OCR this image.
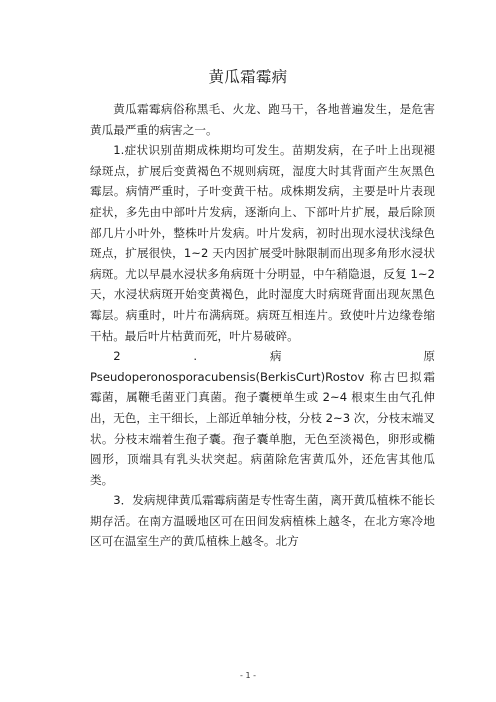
黄瓜霜霉病

黄瓜霜霉病俗称黑毛、火龙、跑马干，各地普遍发生，是危害黄瓜最严重的病害之一。

1.症状识别苗期成株期均可发生。苗期发病，在子叶上出现褪绿斑点，扩展后变黄褐色不规则病斑，湿度大时其背面产生灰黑色霉层。病情严重时，子叶变黄干枯。成株期发病，主要是叶片表现症状，多先由中部叶片发病，逐渐向上、下部叶片扩展，最后除顶部几片小叶外，整株叶片发病。叶片发病，初时出现水浸状浅绿色斑点，扩展很快，1~2 天内因扩展受叶脉限制而出现多角形水浸状病斑。尤以早晨水浸状多角病斑十分明显，中午稍隐退，反复 1~2 天，水浸状病斑开始变黄褐色，此时湿度大时病斑背面出现灰黑色霉层。病重时，叶片布满病斑。病斑互相连片。致使叶片边缘卷缩干枯。最后叶片枯黄而死，叶片易破碎。

2 . 病 原

Pseudoperonosporacubensis(BerkisCurt)Rostov 称古巴拟霜霉菌，属鞭毛菌亚门真菌。孢子囊梗单生或 2~4 根束生由气孔伸出，无色，主干细长，上部近单轴分枝，分枝 2~3 次，分枝末端叉状。分枝末端着生孢子囊。孢子囊单胞，无色至淡褐色，卵形或椭圆形，顶端具有乳头状突起。病菌除危害黄瓜外，还危害其他瓜类。

3．发病规律黄瓜霜霉病菌是专性寄生菌，离开黄瓜植株不能长期存活。在南方温暖地区可在田间发病植株上越冬，在北方寒冷地区可在温室生产的黄瓜植株上越冬。北方

- 1 -
